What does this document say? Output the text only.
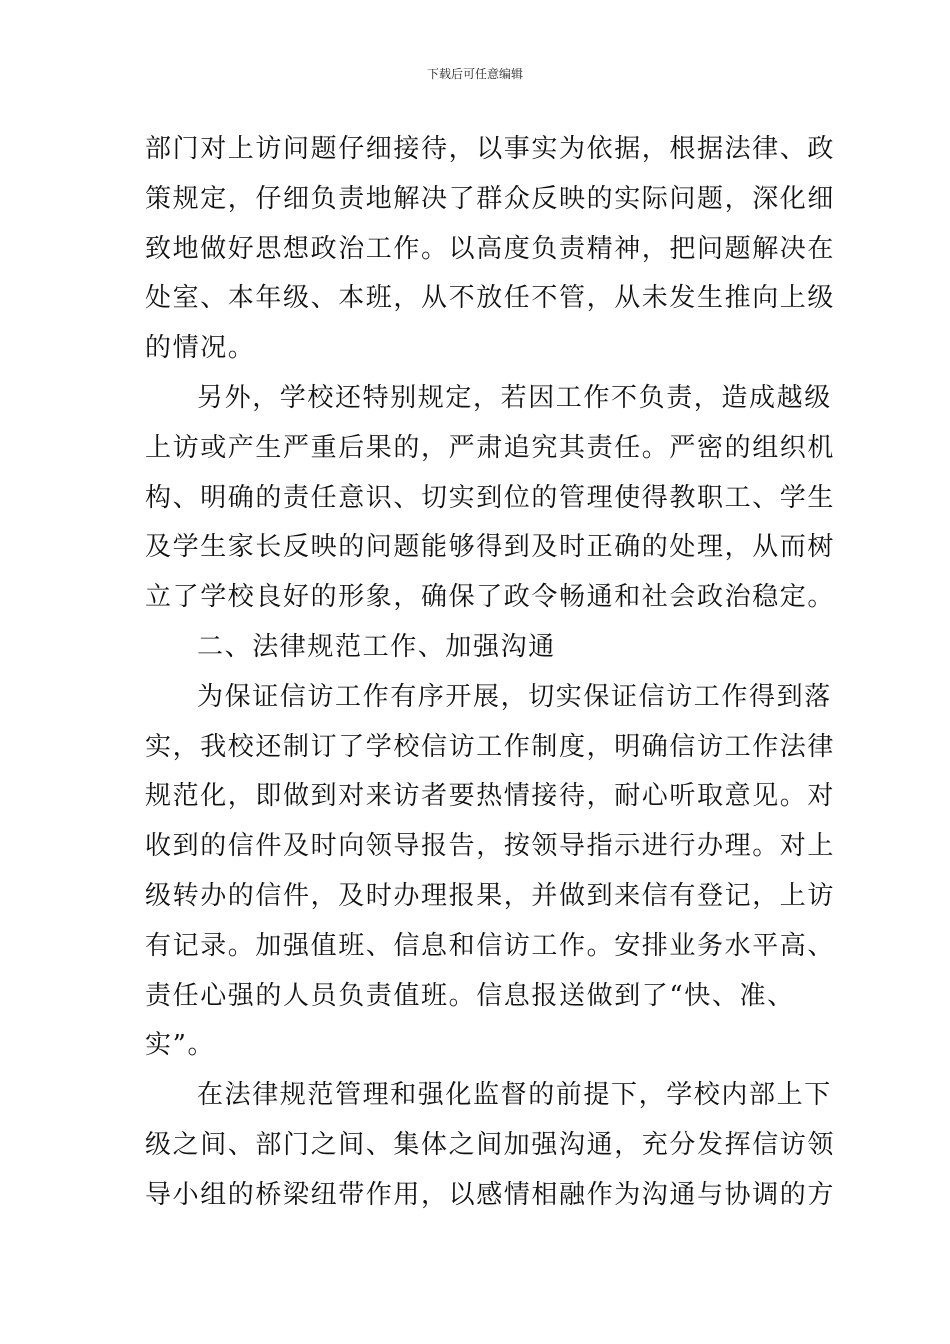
下载后可任意编辑
部门对上访问题仔细接待，以事实为依据，根据法律、政
策规定，仔细负责地解决了群众反映的实际问题，深化细
致地做好思想政治工作。以高度负责精神，把问题解决在
处室、本年级、本班，从不放任不管，从未发生推向上级
的情况。
另外，学校还特别规定，若因工作不负责，造成越级
上访或产生严重后果的，严肃追究其责任。严密的组织机
构、明确的责任意识、切实到位的管理使得教职工、学生
及学生家长反映的问题能够得到及时正确的处理，从而树
立了学校良好的形象，确保了政令畅通和社会政治稳定。
二、法律规范工作、加强沟通
为保证信访工作有序开展，切实保证信访工作得到落
实，我校还制订了学校信访工作制度，明确信访工作法律
规范化，即做到对来访者要热情接待，耐心听取意见。对
收到的信件及时向领导报告，按领导指示进行办理。对上
级转办的信件，及时办理报果，并做到来信有登记，上访
有记录。加强值班、信息和信访工作。安排业务水平高、
责任心强的人员负责值班。信息报送做到了“快、准、
实”。
在法律规范管理和强化监督的前提下，学校内部上下
级之间、部门之间、集体之间加强沟通，充分发挥信访领
导小组的桥梁纽带作用，以感情相融作为沟通与协调的方
